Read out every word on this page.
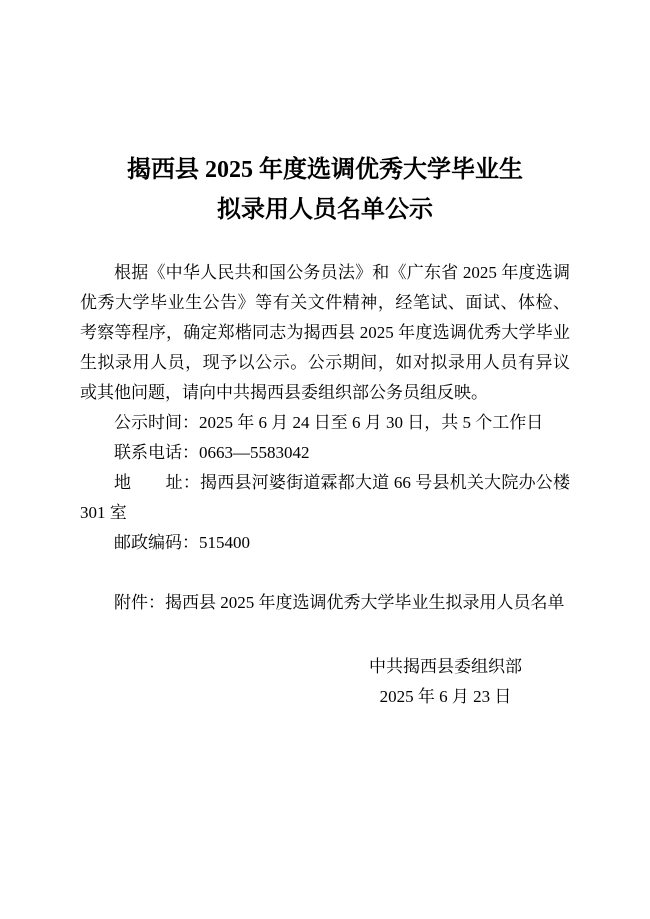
揭西县 2025 年度选调优秀大学毕业生
拟录用人员名单公示

根据《中华人民共和国公务员法》和《广东省 2025 年度选调优秀大学毕业生公告》等有关文件精神，经笔试、面试、体检、考察等程序，确定郑楷同志为揭西县 2025 年度选调优秀大学毕业生拟录用人员，现予以公示。公示期间，如对拟录用人员有异议或其他问题，请向中共揭西县委组织部公务员组反映。

公示时间：2025 年 6 月 24 日至 6 月 30 日，共 5 个工作日

联系电话：0663—5583042

地　　址：揭西县河婆街道霖都大道 66 号县机关大院办公楼 301 室

邮政编码：515400

附件：揭西县 2025 年度选调优秀大学毕业生拟录用人员名单

中共揭西县委组织部
2025 年 6 月 23 日
